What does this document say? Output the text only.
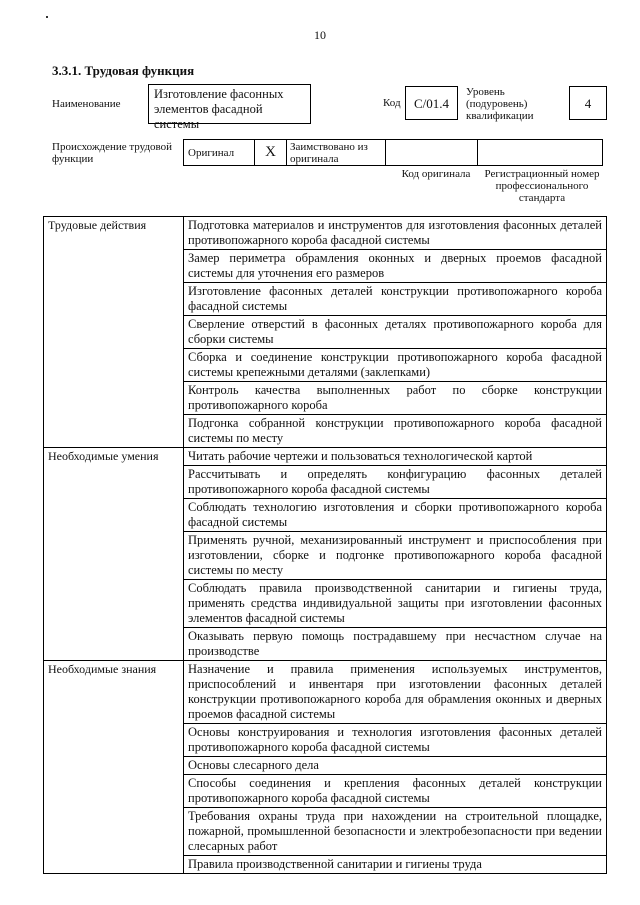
10
3.3.1. Трудовая функция
Наименование
Изготовление фасонных элементов фасадной системы
Код	C/01.4
Уровень (подуровень) квалификации
4
Происхождение трудовой функции	Оригинал	X	Заимствовано из оригинала
Код оригинала	Регистрационный номер профессионального стандарта
Трудовые действия	Подготовка материалов и инструментов для изготовления фасонных деталей противопожарного короба фасадной системы
	Замер периметра обрамления оконных и дверных проемов фасадной системы для уточнения его размеров
	Изготовление фасонных деталей конструкции противопожарного короба фасадной системы
	Сверление отверстий в фасонных деталях противопожарного короба для сборки системы
	Сборка и соединение конструкции противопожарного короба фасадной системы крепежными деталями (заклепками)
	Контроль качества выполненных работ по сборке конструкции противопожарного короба
	Подгонка собранной конструкции противопожарного короба фасадной системы по месту
Необходимые умения	Читать рабочие чертежи и пользоваться технологической картой
	Рассчитывать и определять конфигурацию фасонных деталей противопожарного короба фасадной системы
	Соблюдать технологию изготовления и сборки противопожарного короба фасадной системы
	Применять ручной, механизированный инструмент и приспособления при изготовлении, сборке и подгонке противопожарного короба фасадной системы по месту
	Соблюдать правила производственной санитарии и гигиены труда, применять средства индивидуальной защиты при изготовлении фасонных элементов фасадной системы
	Оказывать первую помощь пострадавшему при несчастном случае на производстве
Необходимые знания	Назначение и правила применения используемых инструментов, приспособлений и инвентаря при изготовлении фасонных деталей конструкции противопожарного короба для обрамления оконных и дверных проемов фасадной системы
	Основы конструирования и технология изготовления фасонных деталей противопожарного короба фасадной системы
	Основы слесарного дела
	Способы соединения и крепления фасонных деталей конструкции противопожарного короба фасадной системы
	Требования охраны труда при нахождении на строительной площадке, пожарной, промышленной безопасности и электробезопасности при ведении слесарных работ
	Правила производственной санитарии и гигиены труда
